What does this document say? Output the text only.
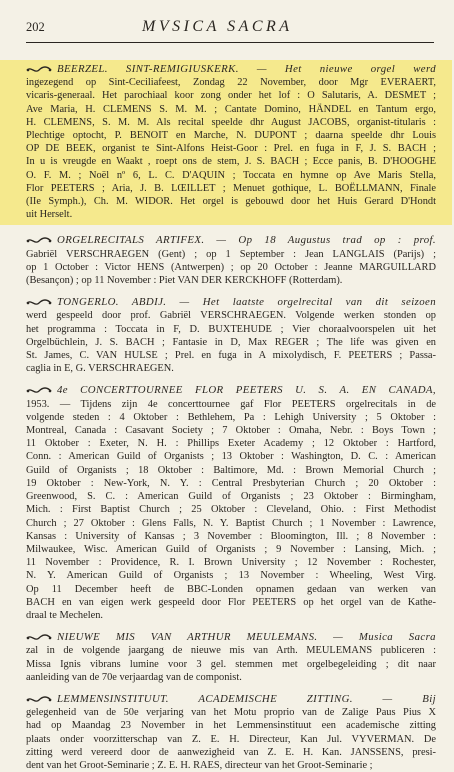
202	MVSICA SACRA
BEERZEL. SINT-REMIGIUSKERK. — Het nieuwe orgel werd
ingezegend op Sint-Ceciliafeest, Zondag 22 November, door Mgr EVERAERT,
vicaris-generaal. Het parochiaal koor zong onder het lof : O Salutaris, A. DESMET ;
Ave Maria, H. CLEMENS S. M. M. ; Cantate Domino, HÄNDEL en Tantum ergo,
H. CLEMENS, S. M. M. Als recital speelde dhr August JACOBS, organist-titularis :
Plechtige optocht, P. BENOIT en Marche, N. DUPONT ; daarna speelde dhr Louis
OP DE BEEK, organist te Sint-Alfons Heist-Goor : Prel. en fuga in F, J. S. BACH ;
In u is vreugde en Waakt , roept ons de stem, J. S. BACH ; Ecce panis, B. D'HOOGHE
O. F. M. ; Noël nº 6, L. C. D'AQUIN ; Toccata en hymne op Ave Maris Stella,
Flor PEETERS ; Aria, J. B. LŒILLET ; Menuet gothique, L. BOËLLMANN, Finale
(IIe Symph.), Ch. M. WIDOR. Het orgel is gebouwd door het Huis Gerard D'Hondt
uit Herselt.
ORGELRECITALS ARTIFEX. — Op 18 Augustus trad op : prof.
Gabriël VERSCHRAEGEN (Gent) ; op 1 September : Jean LANGLAIS (Parijs) ;
op 1 October : Victor HENS (Antwerpen) ; op 20 October : Jeanne MARGUILLARD
(Besançon) ; op 11 November : Piet VAN DER KERCKHOFF (Rotterdam).
TONGERLO. ABDIJ. — Het laatste orgelrecital van dit seizoen
werd gespeeld door prof. Gabriël VERSCHRAEGEN. Volgende werken stonden op
het programma : Toccata in F, D. BUXTEHUDE ; Vier choraalvoorspelen uit het
Orgelbüchlein, J. S. BACH ; Fantasie in D, Max REGER ; The life was given en
St. James, C. VAN HULSE ; Prel. en fuga in A mixolydisch, F. PEETERS ; Passa-
caglia in E, G. VERSCHRAEGEN.
4e CONCERTTOURNEE FLOR PEETERS U. S. A. EN CANADA,
1953. — Tijdens zijn 4e concerttournee gaf Flor PEETERS orgelrecitals in de
volgende steden : 4 Oktober : Bethlehem, Pa : Lehigh University ; 5 Oktober :
Montreal, Canada : Casavant Society ; 7 Oktober : Omaha, Nebr. : Boys Town ;
11 Oktober : Exeter, N. H. : Phillips Exeter Academy ; 12 Oktober : Hartford,
Conn. : American Guild of Organists ; 13 Oktober : Washington, D. C. : American
Guild of Organists ; 18 Oktober : Baltimore, Md. : Brown Memorial Church ;
19 Oktober : New-York, N. Y. : Central Presbyterian Church ; 20 Oktober :
Greenwood, S. C. : American Guild of Organists ; 23 Oktober : Birmingham,
Mich. : First Baptist Church ; 25 Oktober : Cleveland, Ohio. : First Methodist
Church ; 27 Oktober : Glens Falls, N. Y. Baptist Church ; 1 November : Lawrence,
Kansas : University of Kansas ; 3 November : Bloomington, Ill. ; 8 November :
Milwaukee, Wisc. American Guild of Organists ; 9 November : Lansing, Mich. ;
11 November : Providence, R. I. Brown University ; 12 November : Rochester,
N. Y. American Guild of Organists ; 13 November : Wheeling, West Virg.
Op 11 December heeft de BBC-Londen opnamen gedaan van werken van
BACH en van eigen werk gespeeld door Flor PEETERS op het orgel van de Kathe-
draal te Mechelen.
NIEUWE MIS VAN ARTHUR MEULEMANS. — Musica Sacra
zal in de volgende jaargang de nieuwe mis van Arth. MEULEMANS publiceren :
Missa Ignis vibrans lumine voor 3 gel. stemmen met orgelbegeleiding ; dit naar
aanleiding van de 70e verjaardag van de componist.
LEMMENSINSTITUUT. ACADEMISCHE ZITTING. — Bij
gelegenheid van de 50e verjaring van het Motu proprio van de Zalige Paus Pius X
had op Maandag 23 November in het Lemmensinstituut een academische zitting
plaats onder voorzitterschap van Z. E. H. Directeur, Kan Jul. VYVERMAN. De
zitting werd vereerd door de aanwezigheid van Z. E. H. Kan. JANSSENS, presi-
dent van het Groot-Seminarie ; Z. E. H. RAES, directeur van het Groot-Seminarie ;
